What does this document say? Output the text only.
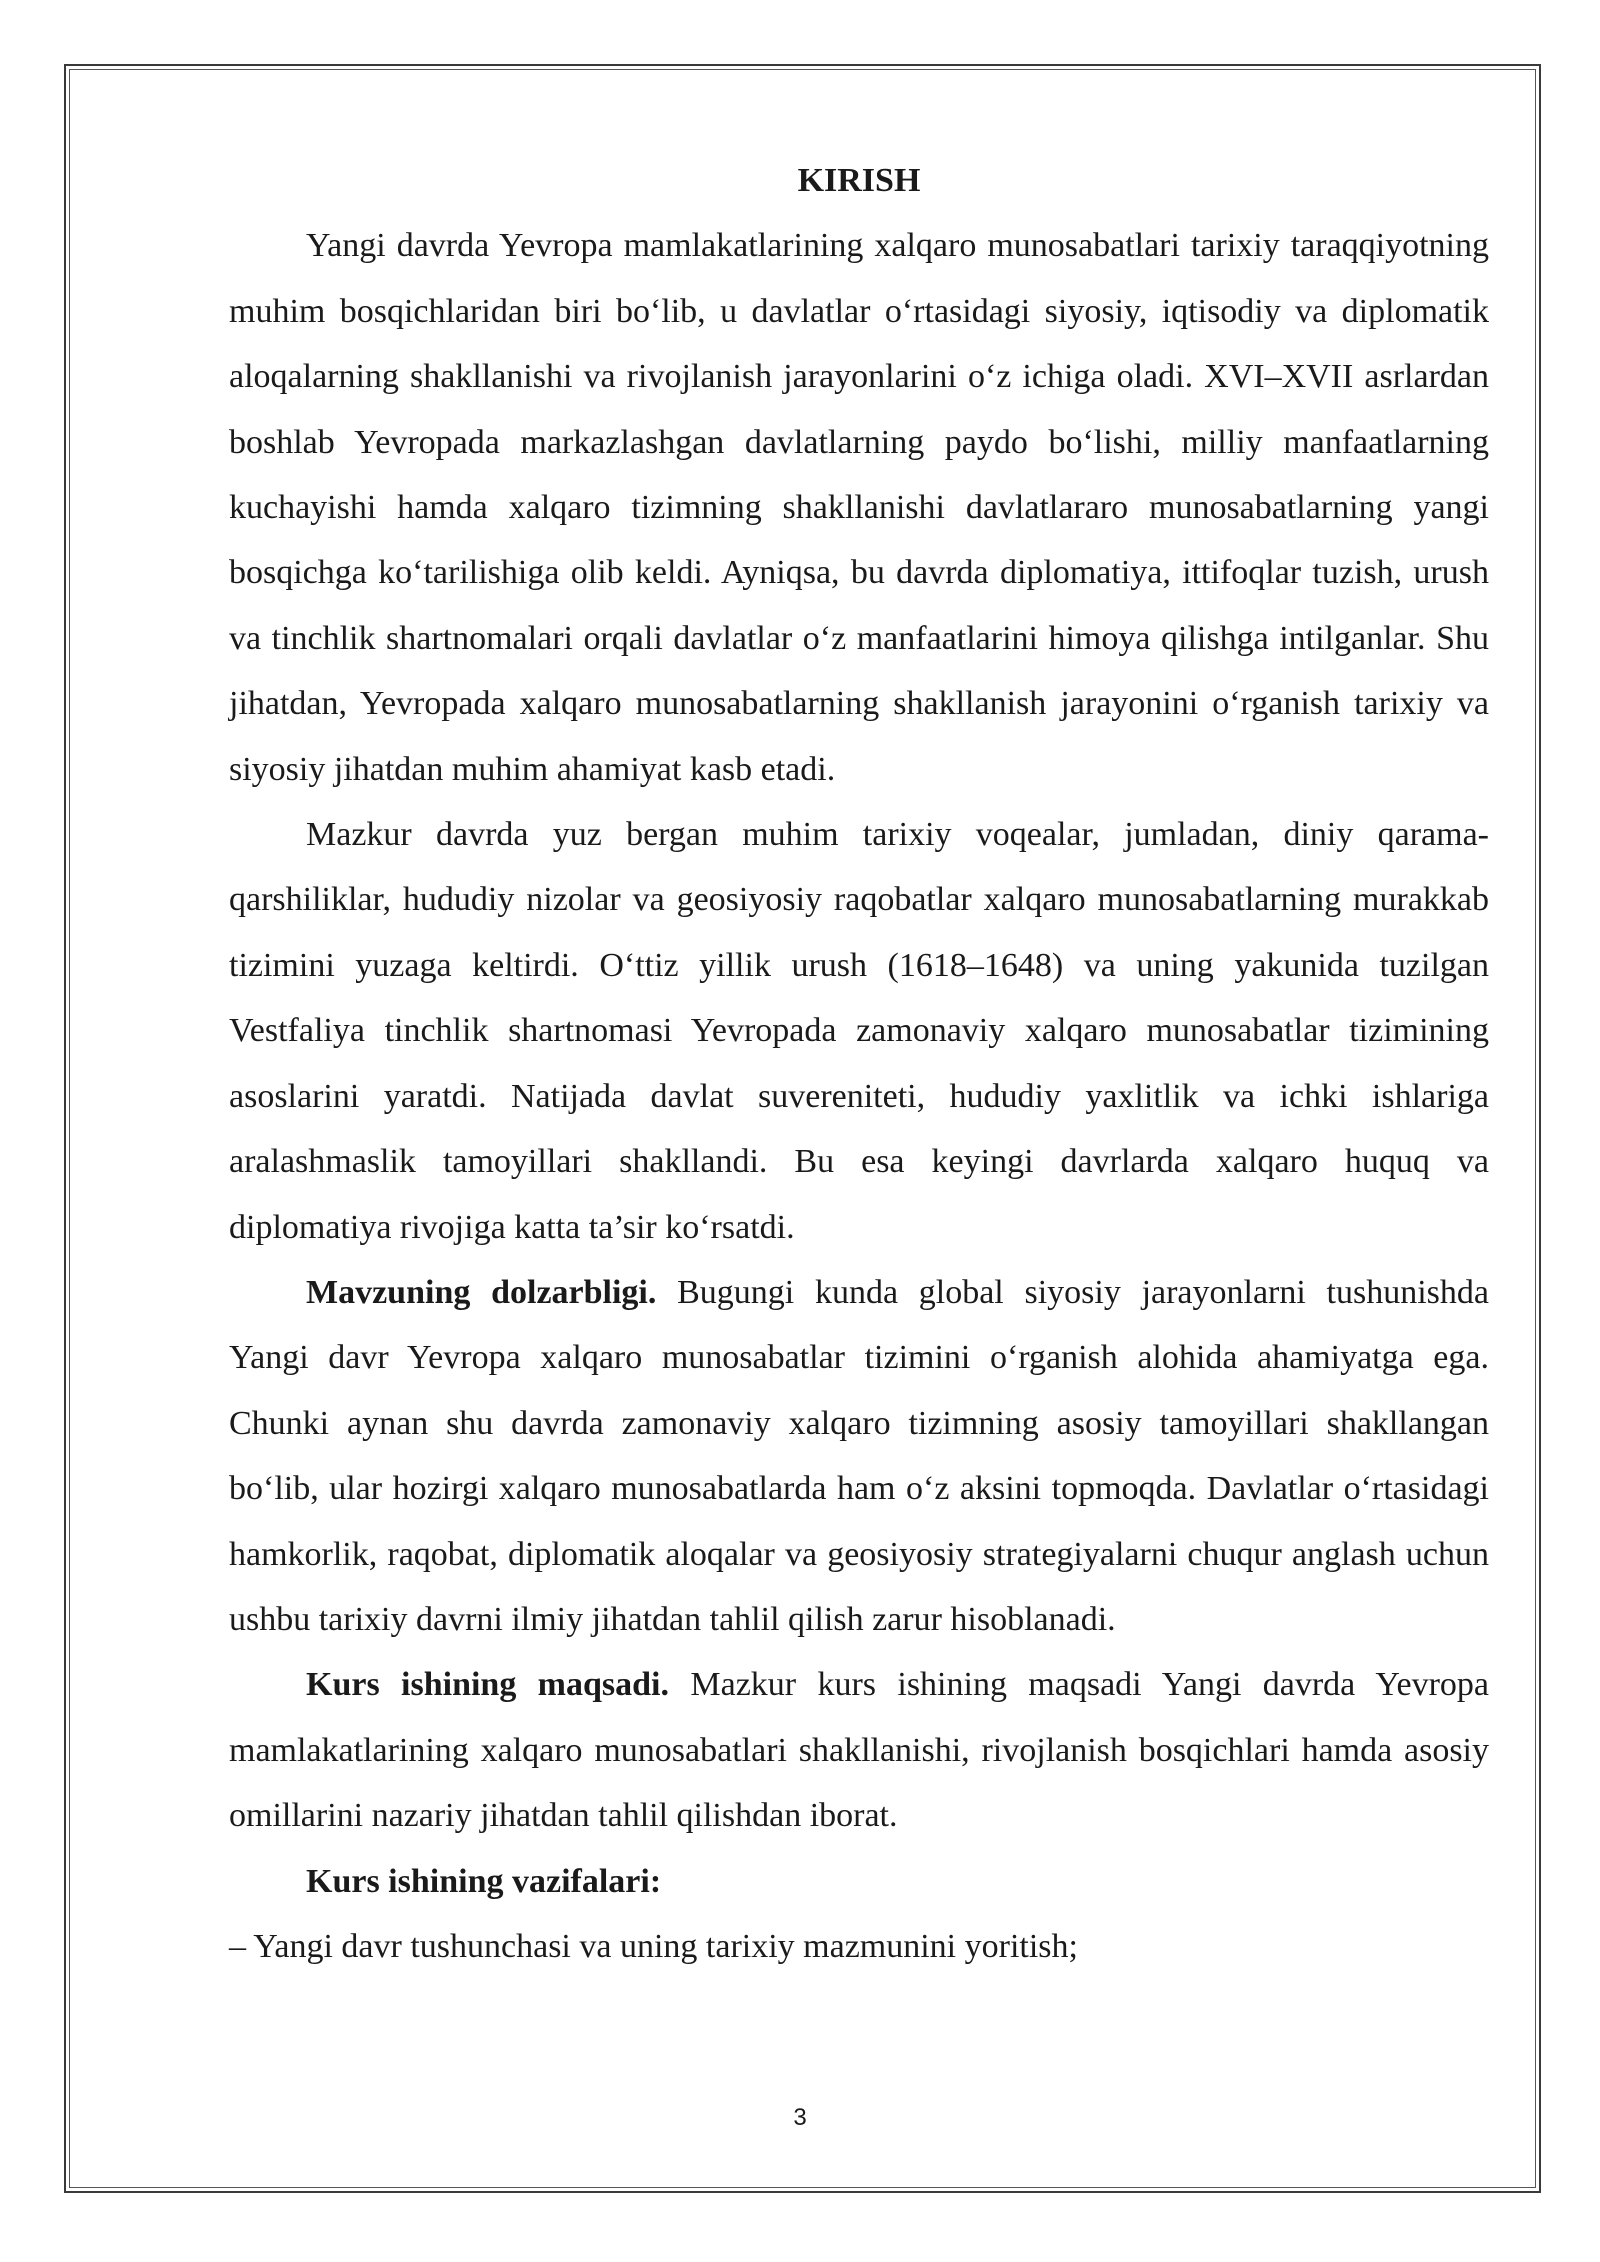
KIRISH

Yangi davrda Yevropa mamlakatlarining xalqaro munosabatlari tarixiy taraqqiyotning muhim bosqichlaridan biri bo‘lib, u davlatlar o‘rtasidagi siyosiy, iqtisodiy va diplomatik aloqalarning shakllanishi va rivojlanish jarayonlarini o‘z ichiga oladi. XVI–XVII asrlardan boshlab Yevropada markazlashgan davlatlarning paydo bo‘lishi, milliy manfaatlarning kuchayishi hamda xalqaro tizimning shakllanishi davlatlararo munosabatlarning yangi bosqichga ko‘tarilishiga olib keldi. Ayniqsa, bu davrda diplomatiya, ittifoqlar tuzish, urush va tinchlik shartnomalari orqali davlatlar o‘z manfaatlarini himoya qilishga intilganlar. Shu jihatdan, Yevropada xalqaro munosabatlarning shakllanish jarayonini o‘rganish tarixiy va siyosiy jihatdan muhim ahamiyat kasb etadi.

Mazkur davrda yuz bergan muhim tarixiy voqealar, jumladan, diniy qarama-qarshiliklar, hududiy nizolar va geosiyosiy raqobatlar xalqaro munosabatlarning murakkab tizimini yuzaga keltirdi. O‘ttiz yillik urush (1618–1648) va uning yakunida tuzilgan Vestfaliya tinchlik shartnomasi Yevropada zamonaviy xalqaro munosabatlar tizimining asoslarini yaratdi. Natijada davlat suvereniteti, hududiy yaxlitlik va ichki ishlariga aralashmaslik tamoyillari shakllandi. Bu esa keyingi davrlarda xalqaro huquq va diplomatiya rivojiga katta ta’sir ko‘rsatdi.

Mavzuning dolzarbligi. Bugungi kunda global siyosiy jarayonlarni tushunishda Yangi davr Yevropa xalqaro munosabatlar tizimini o‘rganish alohida ahamiyatga ega. Chunki aynan shu davrda zamonaviy xalqaro tizimning asosiy tamoyillari shakllangan bo‘lib, ular hozirgi xalqaro munosabatlarda ham o‘z aksini topmoqda. Davlatlar o‘rtasidagi hamkorlik, raqobat, diplomatik aloqalar va geosiyosiy strategiyalarni chuqur anglash uchun ushbu tarixiy davrni ilmiy jihatdan tahlil qilish zarur hisoblanadi.

Kurs ishining maqsadi. Mazkur kurs ishining maqsadi Yangi davrda Yevropa mamlakatlarining xalqaro munosabatlari shakllanishi, rivojlanish bosqichlari hamda asosiy omillarini nazariy jihatdan tahlil qilishdan iborat.

Kurs ishining vazifalari:

– Yangi davr tushunchasi va uning tarixiy mazmunini yoritish;

3
